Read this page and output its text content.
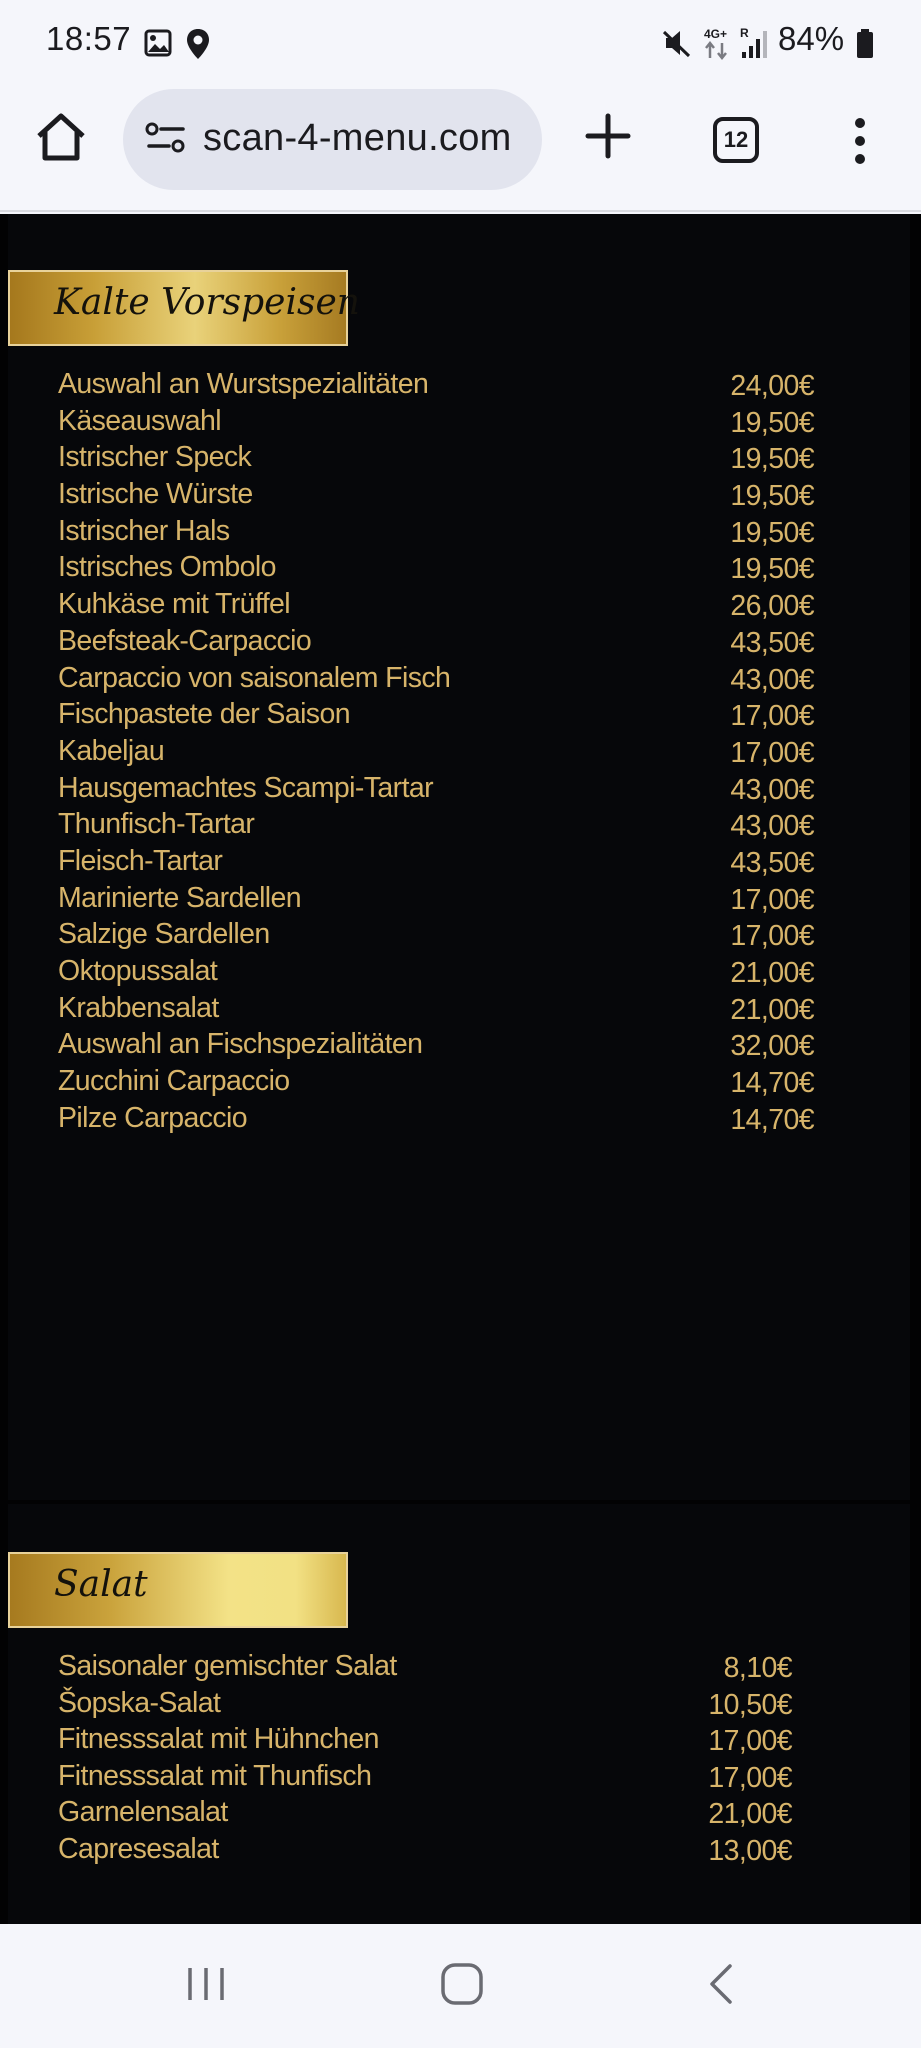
18:57	4G+ R 84%
scan-4-menu.com	12
Kalte Vorspeisen
Auswahl an Wurstspezialitäten	24,00€
Käseauswahl	19,50€
Istrischer Speck	19,50€
Istrische Würste	19,50€
Istrischer Hals	19,50€
Istrisches Ombolo	19,50€
Kuhkäse mit Trüffel	26,00€
Beefsteak-Carpaccio	43,50€
Carpaccio von saisonalem Fisch	43,00€
Fischpastete der Saison	17,00€
Kabeljau	17,00€
Hausgemachtes Scampi-Tartar	43,00€
Thunfisch-Tartar	43,00€
Fleisch-Tartar	43,50€
Marinierte Sardellen	17,00€
Salzige Sardellen	17,00€
Oktopussalat	21,00€
Krabbensalat	21,00€
Auswahl an Fischspezialitäten	32,00€
Zucchini Carpaccio	14,70€
Pilze Carpaccio	14,70€
Salat
Saisonaler gemischter Salat	8,10€
Šopska-Salat	10,50€
Fitnesssalat mit Hühnchen	17,00€
Fitnesssalat mit Thunfisch	17,00€
Garnelensalat	21,00€
Capresesalat	13,00€
